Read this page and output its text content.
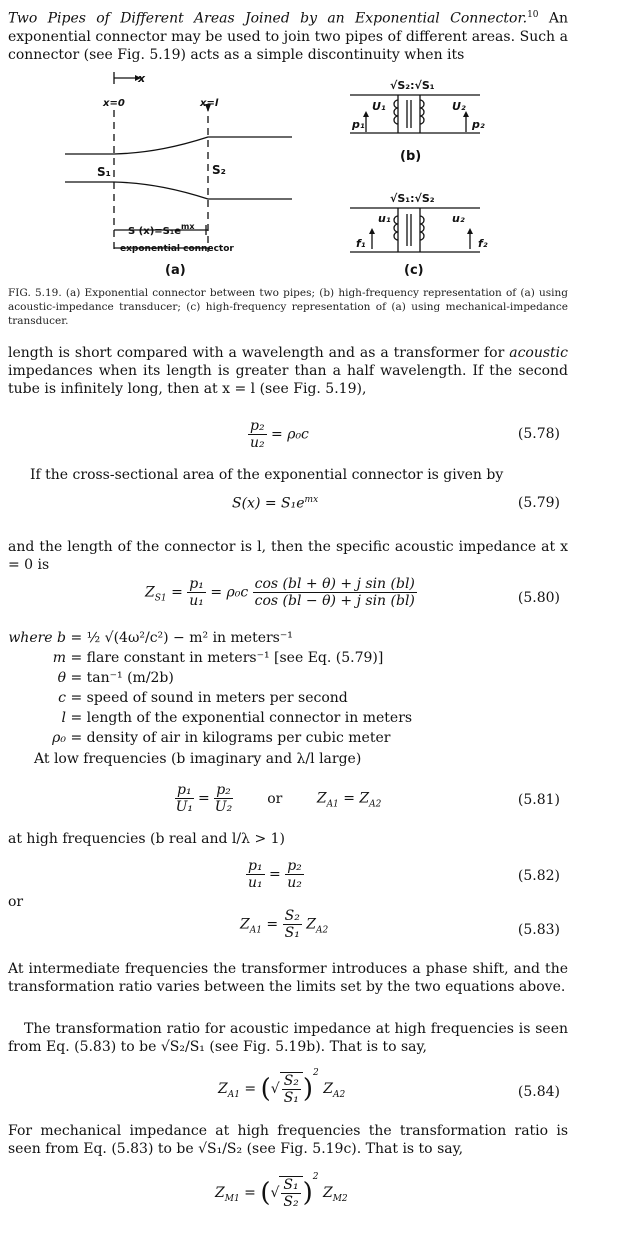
Two Pipes of Different Areas Joined by an Exponential Connector.$^{10}$ An exponential connector may be used to join two pipes of different areas. Such a connector (see Fig. 5.19) acts as a simple discontinuity when its
x
x=0	x=l
S₁	S₂
S $(x)=S_1e^{mx}$
exponential connector
(a)
√S₂:√S₁
U₁	U₂
p₁	p₂
(b)
√S₁:√S₂
u₁	u₂
f₁	f₂
(c)
FIG. 5.19. (a) Exponential connector between two pipes; (b) high-frequency representation of (a) using acoustic-impedance transducer; (c) high-frequency representation of (a) using mechanical-impedance transducer.
length is short compared with a wavelength and as a transformer for acoustic impedances when its length is greater than a half wavelength. If the second tube is infinitely long, then at x = l (see Fig. 5.19),
$\frac{\text{p₂}}{\text{u₂}} = \rho_0c$	(5.78)
If the cross-sectional area of the exponential connector is given by
$S(x) = S_1e^{mx}$	(5.79)
and the length of the connector is l, then the specific acoustic impedance at x = 0 is
$Z_{S1} = \frac{\text{p₁}}{\text{u₁}} = \rho_0c \frac{\text{cos (bl + θ) + j sin (bl)}}{\text{cos (bl − θ) + j sin (bl)}}$	(5.80)
where b = ½ √(4ω²/c²) − m² in meters⁻¹
m = flare constant in meters⁻¹ [see Eq. (5.79)]
θ = tan⁻¹ (m/2b)
c = speed of sound in meters per second
l = length of the exponential connector in meters
ρ₀ = density of air in kilograms per cubic meter
At low frequencies (b imaginary and λ/l large)
$\frac{\text{p₁}}{\text{U₁}} = \frac{\text{p₂}}{\text{U₂}}$ or $Z_{A1} = Z_{A2}$	(5.81)
at high frequencies (b real and l/λ > 1)
$\frac{\text{p₁}}{\text{u₁}} = \frac{\text{p₂}}{\text{u₂}}$	(5.82)
or
$Z_{A1} = \frac{\text{S₂}}{\text{S₁}} Z_{A2}$	(5.83)
At intermediate frequencies the transformer introduces a phase shift, and the transformation ratio varies between the limits set by the two equations above.
The transformation ratio for acoustic impedance at high frequencies is seen from Eq. (5.83) to be √S₂/S₁ (see Fig. 5.19b). That is to say,
$Z_{A1}$ = (√ $\frac{\text{S₂}}{\text{S₁}} )^2$ $Z_{A2}$	(5.84)
For mechanical impedance at high frequencies the transformation ratio is seen from Eq. (5.83) to be √S₁/S₂ (see Fig. 5.19c). That is to say,
$Z_{M1}$ = (√ $\frac{\text{S₁}}{\text{S₂}} )^2$ $Z_{M2}$
